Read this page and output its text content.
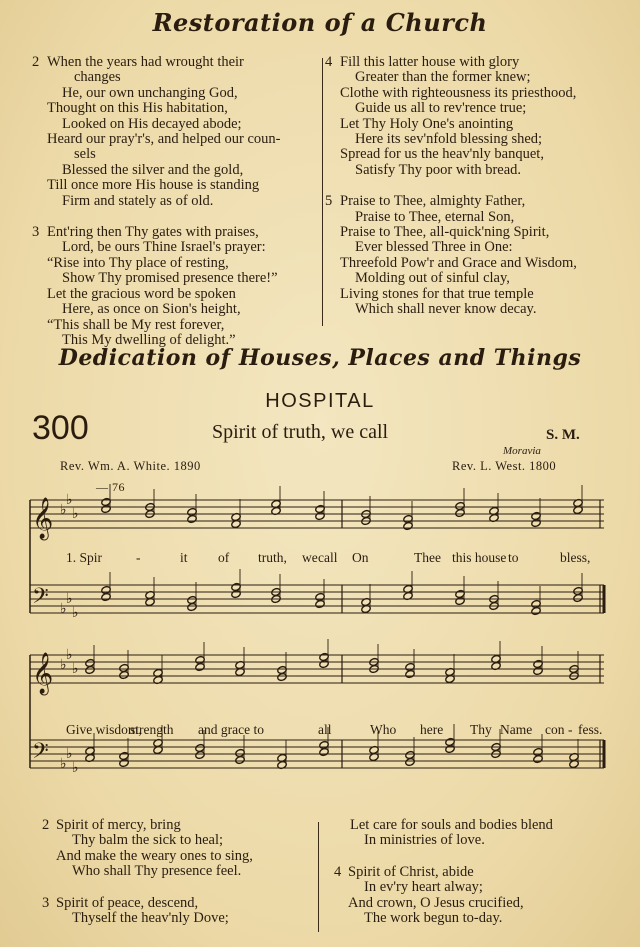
Restoration of a Church
2 When the years had wrought their
changes
He, our own unchanging God,
Thought on this His habitation,
Looked on His decayed abode;
Heard our pray'r's, and helped our coun-
sels
Blessed the silver and the gold,
Till once more His house is standing
Firm and stately as of old.
3 Ent'ring then Thy gates with praises,
Lord, be ours Thine Israel's prayer:
“Rise into Thy place of resting,
Show Thy promised presence there!”
Let the gracious word be spoken
Here, as once on Sion's height,
“This shall be My rest forever,
This My dwelling of delight.”
4 Fill this latter house with glory
Greater than the former knew;
Clothe with righteousness its priesthood,
Guide us all to rev'rence true;
Let Thy Holy One's anointing
Here its sev'nfold blessing shed;
Spread for us the heav'nly banquet,
Satisfy Thy poor with bread.
5 Praise to Thee, almighty Father,
Praise to Thee, eternal Son,
Praise to Thee, all-quick'ning Spirit,
Ever blessed Three in One:
Threefold Pow'r and Grace and Wisdom,
Molding out of sinful clay,
Living stones for that true temple
Which shall never know decay.
Dedication of Houses, Places and Things
HOSPITAL
300	Spirit of truth, we call	S. M.
Moravia
Rev. Wm. A. White. 1890	Rev. L. West. 1800
— 76
𝄞 ♭
♭
♭
𝄢 ♭
♭
♭
𝄞 ♭
♭
♭
𝄢 ♭
♭
♭
1. Spir	-	it of truth, we call On	Thee this house to	bless,
Give wisdom,
strength and grace to	all	Who here Thy Name con - fess.
2 Spirit of mercy, bring
Thy balm the sick to heal;
And make the weary ones to sing,
Who shall Thy presence feel.
3 Spirit of peace, descend,
Thyself the heav'nly Dove;
Let care for souls and bodies blend
In ministries of love.
4 Spirit of Christ, abide
In ev'ry heart alway;
And crown, O Jesus crucified,
The work begun to-day.
